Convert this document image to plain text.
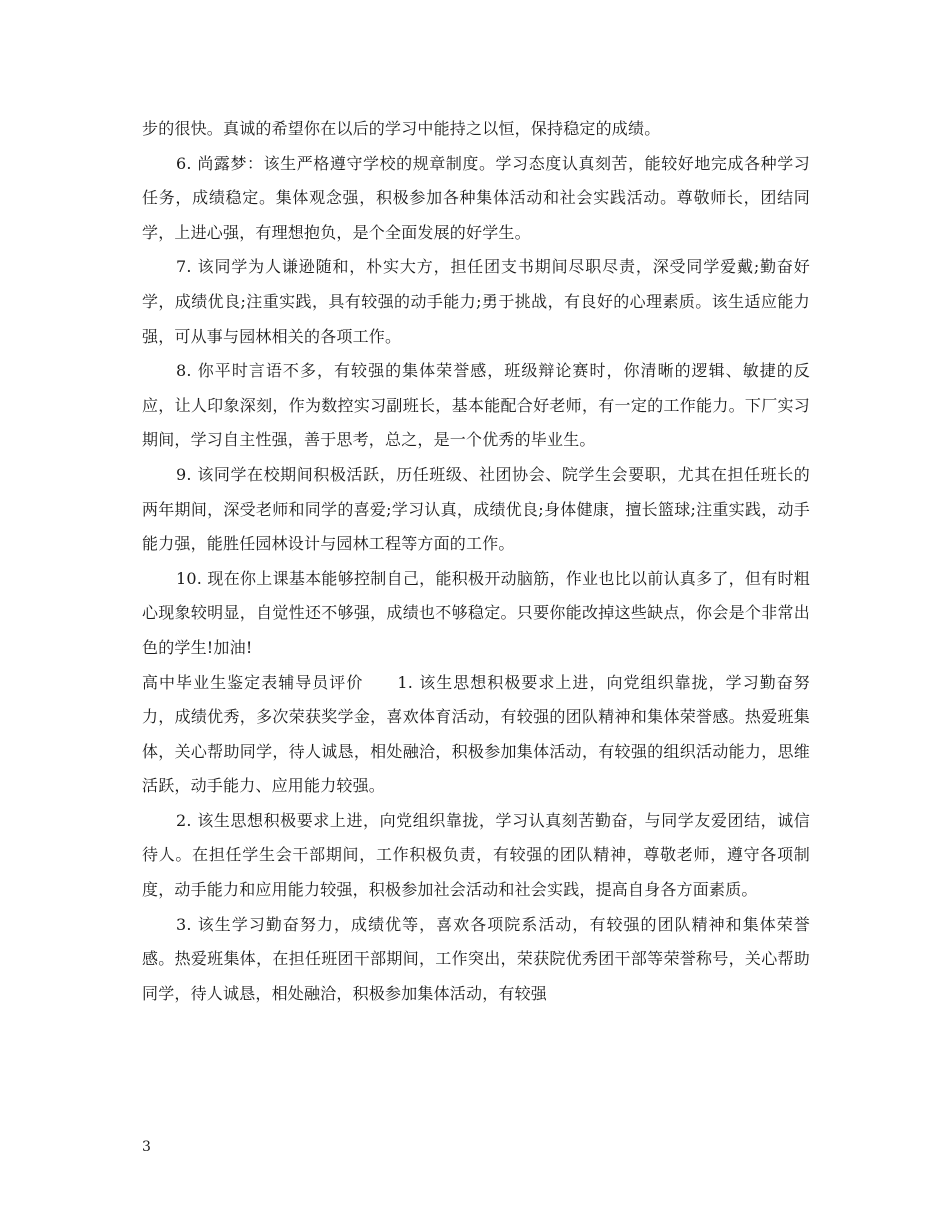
步的很快。真诚的希望你在以后的学习中能持之以恒，保持稳定的成绩。

6. 尚露梦：该生严格遵守学校的规章制度。学习态度认真刻苦，能较好地完成各种学习任务，成绩稳定。集体观念强，积极参加各种集体活动和社会实践活动。尊敬师长，团结同学，上进心强，有理想抱负，是个全面发展的好学生。

7. 该同学为人谦逊随和，朴实大方，担任团支书期间尽职尽责，深受同学爱戴;勤奋好学，成绩优良;注重实践，具有较强的动手能力;勇于挑战，有良好的心理素质。该生适应能力强，可从事与园林相关的各项工作。

8. 你平时言语不多，有较强的集体荣誉感，班级辩论赛时，你清晰的逻辑、敏捷的反应，让人印象深刻，作为数控实习副班长，基本能配合好老师，有一定的工作能力。下厂实习期间，学习自主性强，善于思考，总之，是一个优秀的毕业生。

9. 该同学在校期间积极活跃，历任班级、社团协会、院学生会要职，尤其在担任班长的两年期间，深受老师和同学的喜爱;学习认真，成绩优良;身体健康，擅长篮球;注重实践，动手能力强，能胜任园林设计与园林工程等方面的工作。

10. 现在你上课基本能够控制自己，能积极开动脑筋，作业也比以前认真多了，但有时粗心现象较明显，自觉性还不够强，成绩也不够稳定。只要你能改掉这些缺点，你会是个非常出色的学生!加油!

高中毕业生鉴定表辅导员评价　　1. 该生思想积极要求上进，向党组织靠拢，学习勤奋努力，成绩优秀，多次荣获奖学金，喜欢体育活动，有较强的团队精神和集体荣誉感。热爱班集体，关心帮助同学，待人诚恳，相处融洽，积极参加集体活动，有较强的组织活动能力，思维活跃，动手能力、应用能力较强。

2. 该生思想积极要求上进，向党组织靠拢，学习认真刻苦勤奋，与同学友爱团结，诚信待人。在担任学生会干部期间，工作积极负责，有较强的团队精神，尊敬老师，遵守各项制度，动手能力和应用能力较强，积极参加社会活动和社会实践，提高自身各方面素质。

3. 该生学习勤奋努力，成绩优等，喜欢各项院系活动，有较强的团队精神和集体荣誉感。热爱班集体，在担任班团干部期间，工作突出，荣获院优秀团干部等荣誉称号，关心帮助同学，待人诚恳，相处融洽，积极参加集体活动，有较强

3
